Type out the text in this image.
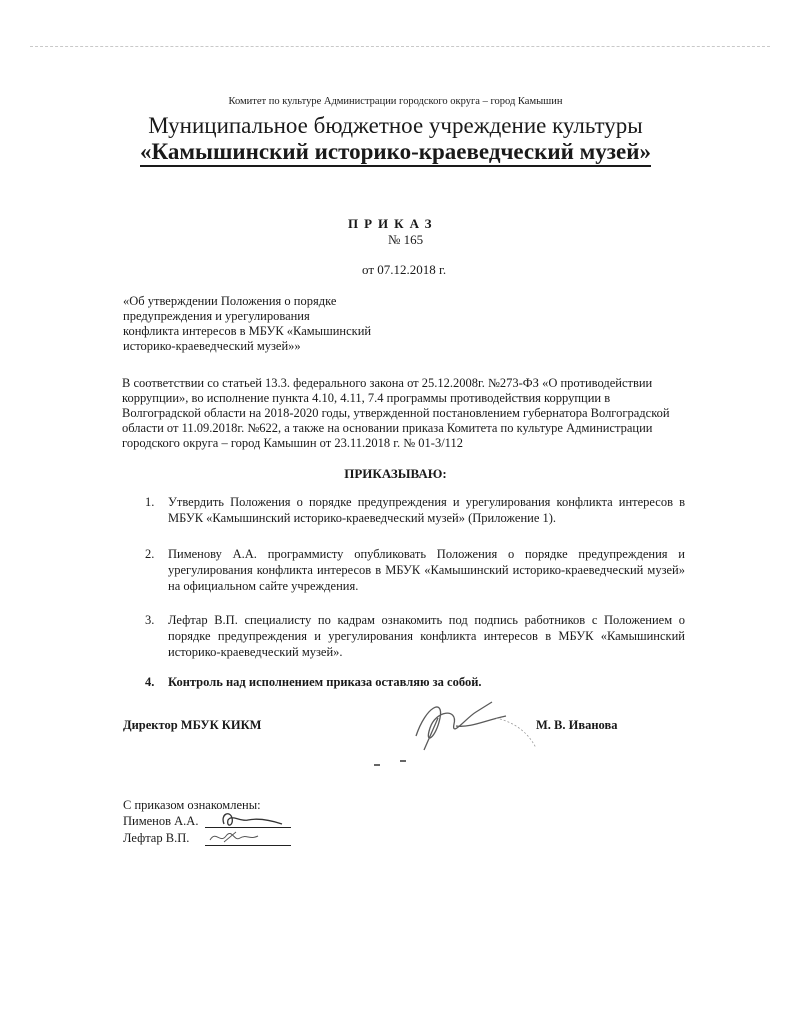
Комитет по культуре Администрации городского округа – город Камышин
Муниципальное бюджетное учреждение культуры
«Камышинский историко-краеведческий музей»
ПРИКАЗ
№ 165
от 07.12.2018 г.
«Об утверждении Положения о порядке
предупреждения и урегулирования
конфликта интересов в МБУК «Камышинский
историко-краеведческий музей»»
В соответствии со статьей 13.3. федерального закона от 25.12.2008г. №273-ФЗ «О противодействии коррупции», во исполнение пункта 4.10, 4.11, 7.4 программы противодействия коррупции в Волгоградской области на 2018-2020 годы, утвержденной постановлением губернатора Волгоградской области от 11.09.2018г. №622, а также на основании приказа Комитета по культуре Администрации городского округа – город Камышин от 23.11.2018 г. № 01-3/112
ПРИКАЗЫВАЮ:
1. Утвердить Положения о порядке предупреждения и урегулирования конфликта интересов в МБУК «Камышинский историко-краеведческий музей» (Приложение 1).
2. Пименову А.А. программисту опубликовать Положения о порядке предупреждения и урегулирования конфликта интересов в МБУК «Камышинский историко-краеведческий музей» на официальном сайте учреждения.
3. Лефтар В.П. специалисту по кадрам ознакомить под подпись работников с Положением о порядке предупреждения и урегулирования конфликта интересов в МБУК «Камышинский историко-краеведческий музей».
4. Контроль над исполнением приказа оставляю за собой.
Директор МБУК КИКМ	М. В. Иванова
С приказом ознакомлены:
Пименов А.А.
Лефтар В.П.
